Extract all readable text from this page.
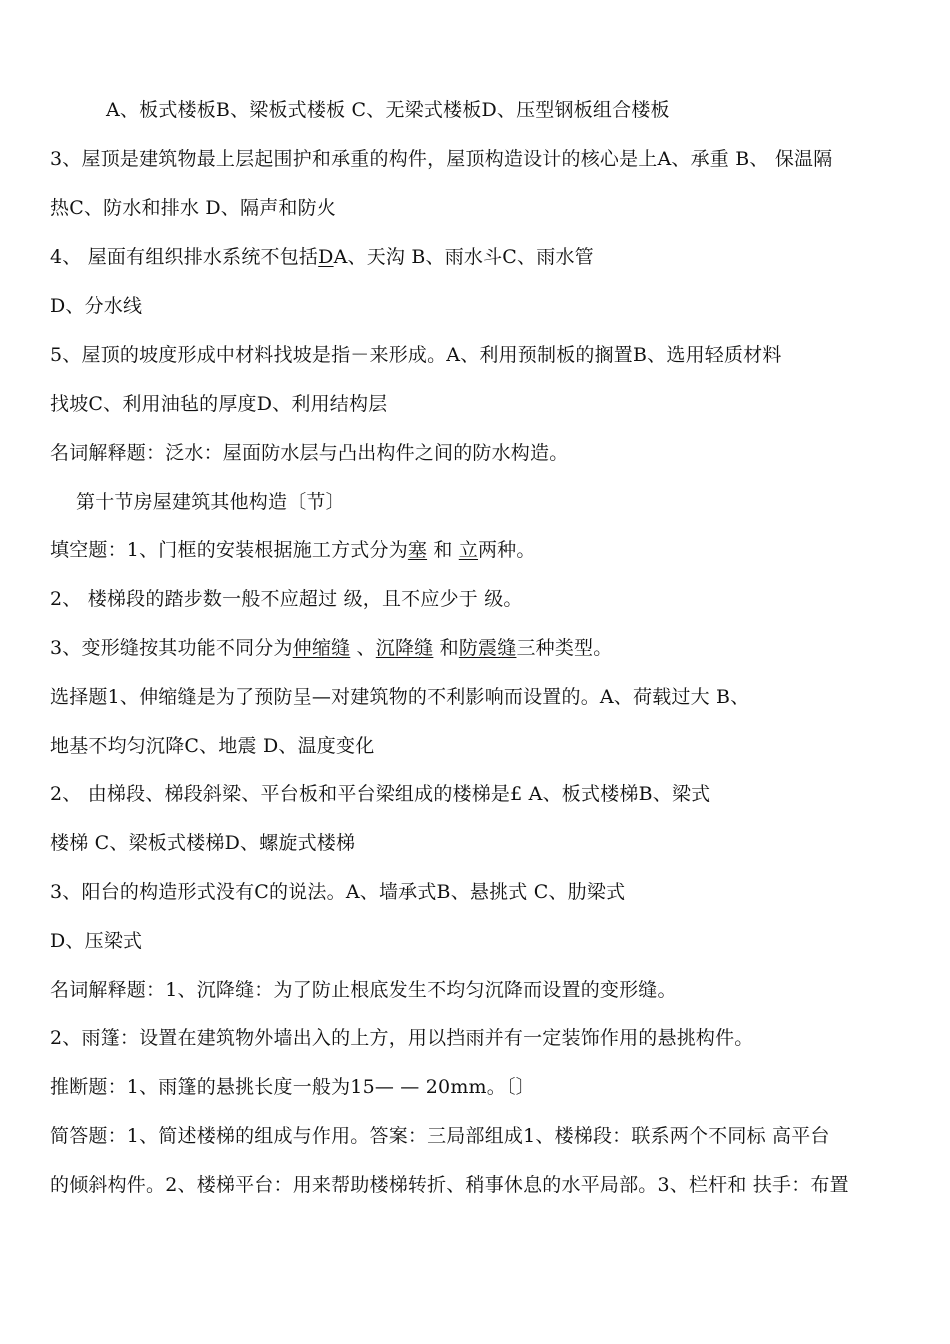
A、板式楼板B、梁板式楼板 C、无梁式楼板D、压型钢板组合楼板
3、屋顶是建筑物最上层起围护和承重的构件，屋顶构造设计的核心是上A、承重 B、 保温隔
热C、防水和排水 D、隔声和防火
4、 屋面有组织排水系统不包括DA、天沟 B、雨水斗C、雨水管
D、分水线
5、屋顶的坡度形成中材料找坡是指－来形成。A、利用预制板的搁置B、选用轻质材料
找坡C、利用油毡的厚度D、利用结构层
名词解释题：泛水：屋面防水层与凸出构件之间的防水构造。
第十节房屋建筑其他构造〔节〕
填空题：1、门框的安装根据施工方式分为塞 和 立两种。
2、 楼梯段的踏步数一般不应超过 级，且不应少于 级。
3、变形缝按其功能不同分为伸缩缝 、沉降缝 和防震缝三种类型。
选择题1、伸缩缝是为了预防呈—对建筑物的不利影响而设置的。A、荷载过大 B、
地基不均匀沉降C、地震 D、温度变化
2、 由梯段、梯段斜梁、平台板和平台梁组成的楼梯是£ A、板式楼梯B、梁式
楼梯 C、梁板式楼梯D、螺旋式楼梯
3、阳台的构造形式没有C的说法。A、墙承式B、悬挑式 C、肋梁式
D、压梁式
名词解释题：1、沉降缝：为了防止根底发生不均匀沉降而设置的变形缝。
2、雨篷：设置在建筑物外墙出入的上方，用以挡雨并有一定装饰作用的悬挑构件。
推断题：1、雨篷的悬挑长度一般为15— — 20mm。〔〕
简答题：1、简述楼梯的组成与作用。答案：三局部组成1、楼梯段：联系两个不同标 高平台
的倾斜构件。2、楼梯平台：用来帮助楼梯转折、稍事休息的水平局部。3、栏杆和 扶手：布置
